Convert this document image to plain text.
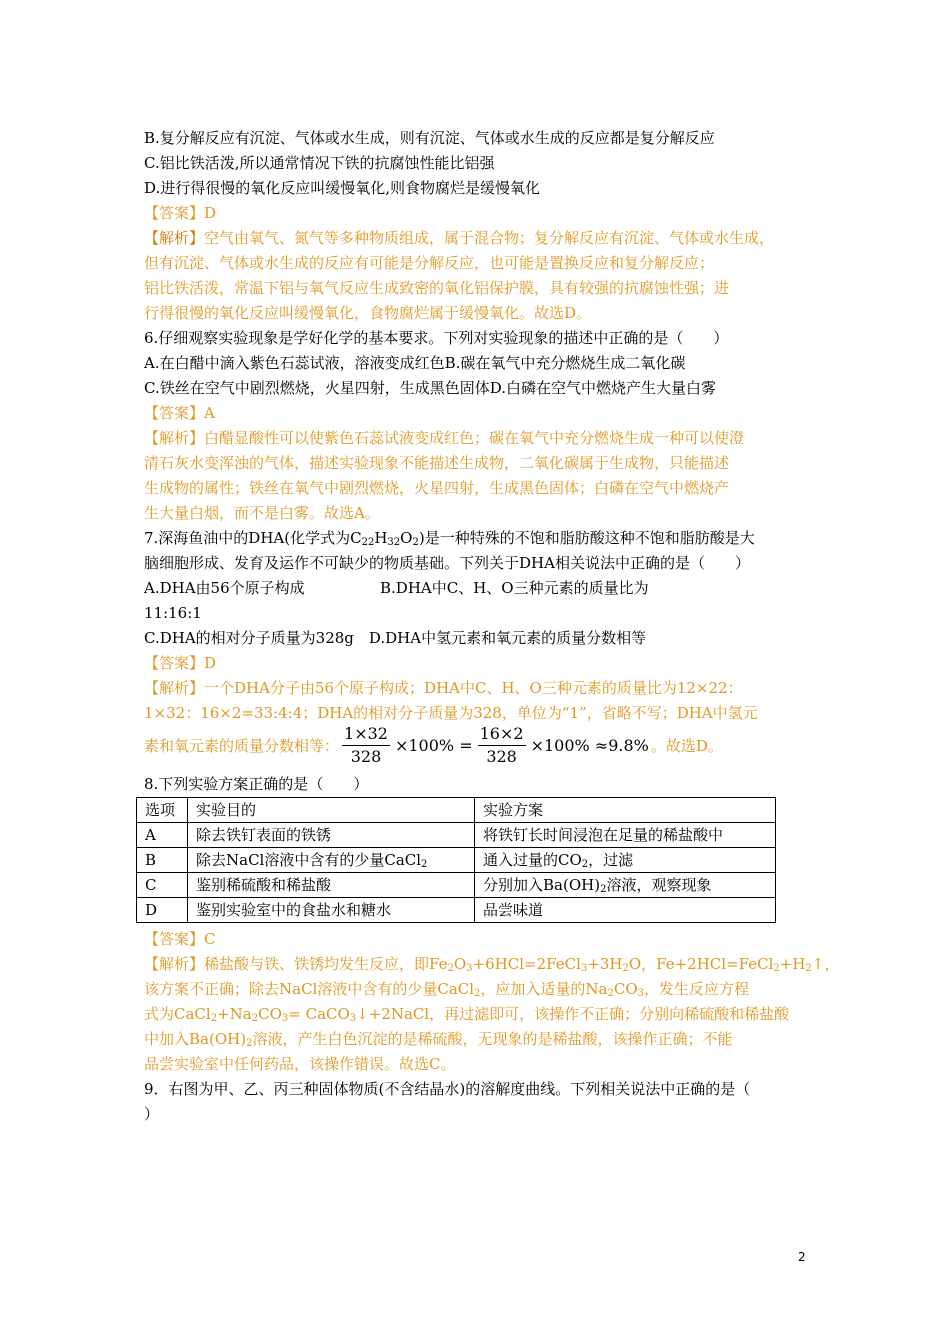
B.复分解反应有沉淀、气体或水生成，则有沉淀、气体或水生成的反应都是复分解反应
C.铝比铁活泼,所以通常情况下铁的抗腐蚀性能比铝强
D.进行得很慢的氧化反应叫缓慢氧化,则食物腐烂是缓慢氧化
【答案】D
【解析】空气由氧气、氮气等多种物质组成，属于混合物；复分解反应有沉淀、气体或水生成，
但有沉淀、气体或水生成的反应有可能是分解反应，也可能是置换反应和复分解反应；
铝比铁活泼，常温下铝与氧气反应生成致密的氧化铝保护膜，具有较强的抗腐蚀性强；进
行得很慢的氧化反应叫缓慢氧化，食物腐烂属于缓慢氧化。故选D。
6.仔细观察实验现象是学好化学的基本要求。下列对实验现象的描述中正确的是（　　）
A.在白醋中滴入紫色石蕊试液，溶液变成红色B.碳在氧气中充分燃烧生成二氧化碳
C.铁丝在空气中剧烈燃烧，火星四射，生成黑色固体D.白磷在空气中燃烧产生大量白雾
【答案】A
【解析】白醋显酸性可以使紫色石蕊试液变成红色；碳在氧气中充分燃烧生成一种可以使澄
清石灰水变浑浊的气体，描述实验现象不能描述生成物，二氧化碳属于生成物，只能描述
生成物的属性；铁丝在氧气中剧烈燃烧，火星四射，生成黑色固体；白磷在空气中燃烧产
生大量白烟，而不是白雾。故选A。
7.深海鱼油中的DHA(化学式为$C_{22}H_{32}O_2$)是一种特殊的不饱和脂肪酸这种不饱和脂肪酸是大
脑细胞形成、发育及运作不可缺少的物质基础。下列关于DHA相关说法中正确的是（　　）
A.DHA由56个原子构成	B.DHA中C、H、O三种元素的质量比为
11:16:1
C.DHA的相对分子质量为328g　D.DHA中氢元素和氧元素的质量分数相等
【答案】D
【解析】一个DHA分子由56个原子构成；DHA中C、H、O三种元素的质量比为12×22：
1×32：16×2=33:4:4；DHA的相对分子质量为328，单位为“1”，省略不写；DHA中氢元
素和氧元素的质量分数相等： $\frac{1\times 32}{328} \times 100\% = \frac{16\times 2}{328} \times 100\% \approx 9.8\%$ 。故选D。
8.下列实验方案正确的是（　　）
选项	实验目的	实验方案
A	除去铁钉表面的铁锈	将铁钉长时间浸泡在足量的稀盐酸中
B	除去NaCl溶液中含有的少量CaCl$_2$	通入过量的$CO_2$，过滤
C	鉴别稀硫酸和稀盐酸	分别加入$Ba(OH)_2$溶液，观察现象
D	鉴别实验室中的食盐水和糖水	品尝味道
【答案】C
【解析】稀盐酸与铁、铁锈均发生反应，即$Fe_2O_3+6HCl=2FeCl_3+3H_2O$，$Fe+2HCl=FeCl_2+H_2↑$，
该方案不正确；除去NaCl溶液中含有的少量CaCl$_2$，应加入适量的$Na_2CO_3$，发生反应方程
式为$CaCl_2+Na_2CO_3=$ CaCO$_3$↓+2NaCl，再过滤即可，该操作不正确；分别向稀硫酸和稀盐酸
中加入$Ba(OH)_2$溶液，产生白色沉淀的是稀硫酸，无现象的是稀盐酸，该操作正确；不能
品尝实验室中任何药品，该操作错误。故选C。
9．右图为甲、乙、丙三种固体物质(不含结晶水)的溶解度曲线。下列相关说法中正确的是（
）
2
